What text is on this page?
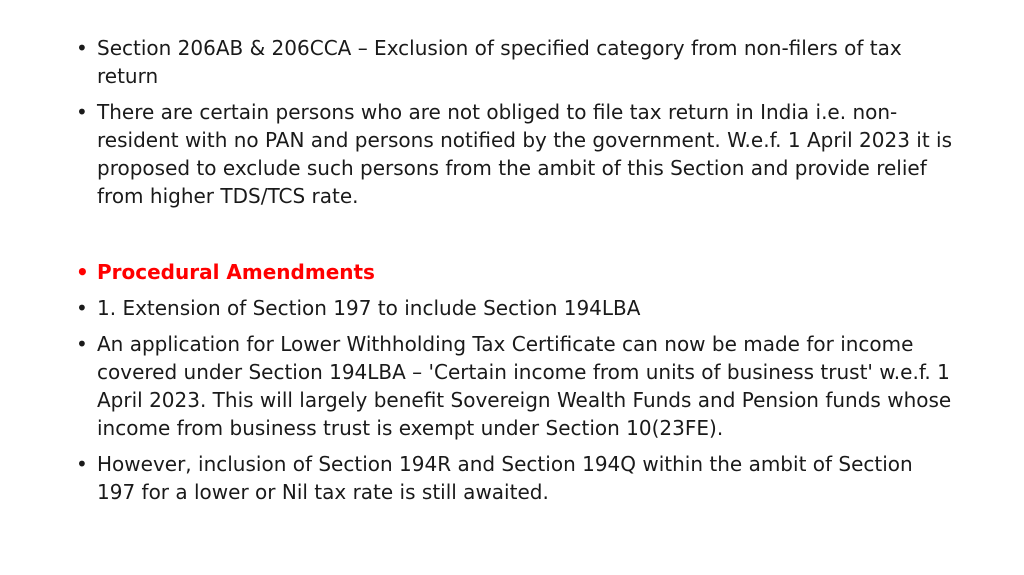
• Section 206AB & 206CCA – Exclusion of specified category from non-filers of tax return
• There are certain persons who are not obliged to file tax return in India i.e. non-resident with no PAN and persons notified by the government. W.e.f. 1 April 2023 it is proposed to exclude such persons from the ambit of this Section and provide relief from higher TDS/TCS rate.
• Procedural Amendments
• 1. Extension of Section 197 to include Section 194LBA
• An application for Lower Withholding Tax Certificate can now be made for income covered under Section 194LBA – 'Certain income from units of business trust' w.e.f. 1 April 2023. This will largely benefit Sovereign Wealth Funds and Pension funds whose income from business trust is exempt under Section 10(23FE).
• However, inclusion of Section 194R and Section 194Q within the ambit of Section 197 for a lower or Nil tax rate is still awaited.
